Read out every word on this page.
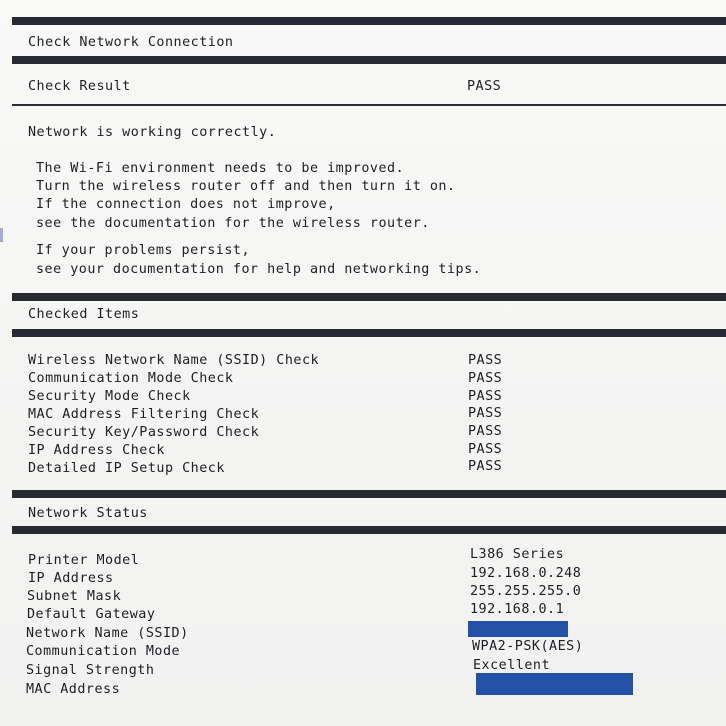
Check Network Connection
Check Result	PASS
Network is working correctly.
The Wi-Fi environment needs to be improved.
Turn the wireless router off and then turn it on.
If the connection does not improve,
see the documentation for the wireless router.
If your problems persist,
see your documentation for help and networking tips.
Checked Items
Wireless Network Name (SSID) Check	PASS
Communication Mode Check	PASS
Security Mode Check	PASS
MAC Address Filtering Check	PASS
Security Key/Password Check	PASS
IP Address Check	PASS
Detailed IP Setup Check	PASS
Network Status
Printer Model	L386 Series
IP Address	192.168.0.248
Subnet Mask	255.255.255.0
Default Gateway	192.168.0.1
Network Name (SSID)
Communication Mode	WPA2-PSK(AES)
Signal Strength	Excellent
MAC Address
